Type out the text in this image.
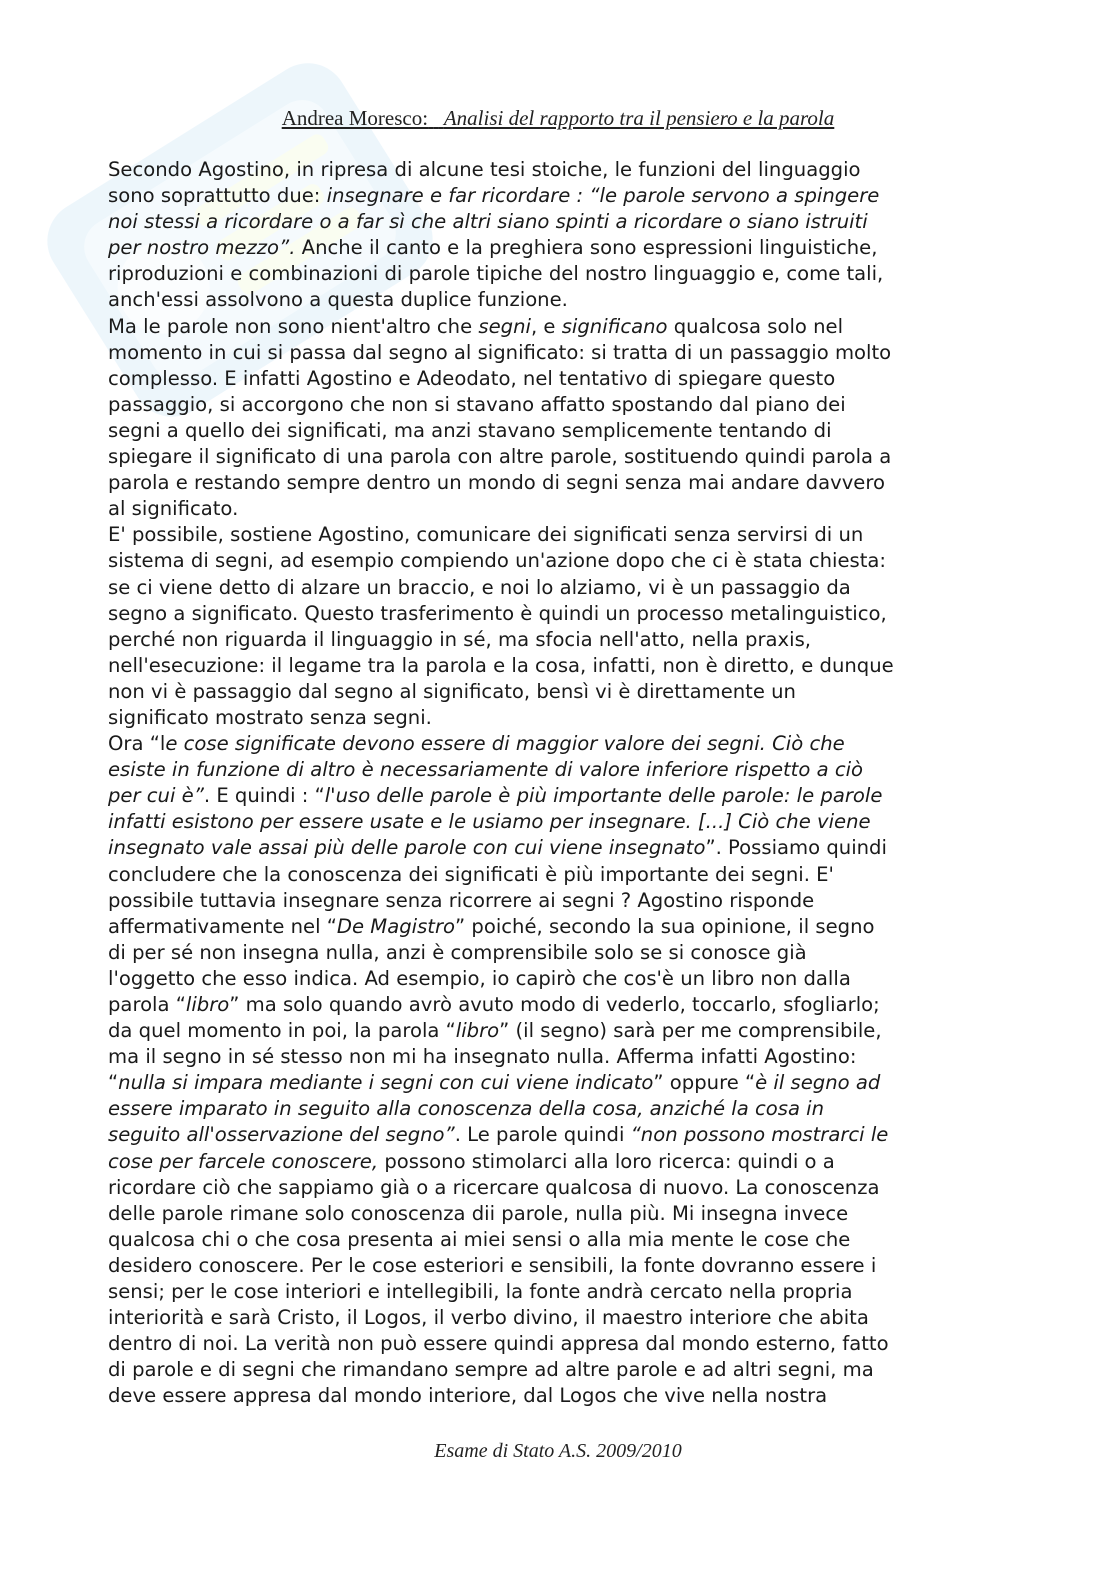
Andrea Moresco: Analisi del rapporto tra il pensiero e la parola
Secondo Agostino, in ripresa di alcune tesi stoiche, le funzioni del linguaggio
sono soprattutto due: insegnare e far ricordare : “le parole servono a spingere
noi stessi a ricordare o a far sì che altri siano spinti a ricordare o siano istruiti
per nostro mezzo”. Anche il canto e la preghiera sono espressioni linguistiche,
riproduzioni e combinazioni di parole tipiche del nostro linguaggio e, come tali,
anch'essi assolvono a questa duplice funzione.
Ma le parole non sono nient'altro che segni, e significano qualcosa solo nel
momento in cui si passa dal segno al significato: si tratta di un passaggio molto
complesso. E infatti Agostino e Adeodato, nel tentativo di spiegare questo
passaggio, si accorgono che non si stavano affatto spostando dal piano dei
segni a quello dei significati, ma anzi stavano semplicemente tentando di
spiegare il significato di una parola con altre parole, sostituendo quindi parola a
parola e restando sempre dentro un mondo di segni senza mai andare davvero
al significato.
E' possibile, sostiene Agostino, comunicare dei significati senza servirsi di un
sistema di segni, ad esempio compiendo un'azione dopo che ci è stata chiesta:
se ci viene detto di alzare un braccio, e noi lo alziamo, vi è un passaggio da
segno a significato. Questo trasferimento è quindi un processo metalinguistico,
perché non riguarda il linguaggio in sé, ma sfocia nell'atto, nella praxis,
nell'esecuzione: il legame tra la parola e la cosa, infatti, non è diretto, e dunque
non vi è passaggio dal segno al significato, bensì vi è direttamente un
significato mostrato senza segni.
Ora “le cose significate devono essere di maggior valore dei segni. Ciò che
esiste in funzione di altro è necessariamente di valore inferiore rispetto a ciò
per cui è”. E quindi : “l'uso delle parole è più importante delle parole: le parole
infatti esistono per essere usate e le usiamo per insegnare. [...] Ciò che viene
insegnato vale assai più delle parole con cui viene insegnato”. Possiamo quindi
concludere che la conoscenza dei significati è più importante dei segni. E'
possibile tuttavia insegnare senza ricorrere ai segni ? Agostino risponde
affermativamente nel “De Magistro” poiché, secondo la sua opinione, il segno
di per sé non insegna nulla, anzi è comprensibile solo se si conosce già
l'oggetto che esso indica. Ad esempio, io capirò che cos'è un libro non dalla
parola “libro” ma solo quando avrò avuto modo di vederlo, toccarlo, sfogliarlo;
da quel momento in poi, la parola “libro” (il segno) sarà per me comprensibile,
ma il segno in sé stesso non mi ha insegnato nulla. Afferma infatti Agostino:
“nulla si impara mediante i segni con cui viene indicato” oppure “è il segno ad
essere imparato in seguito alla conoscenza della cosa, anziché la cosa in
seguito all'osservazione del segno”. Le parole quindi “non possono mostrarci le
cose per farcele conoscere, possono stimolarci alla loro ricerca: quindi o a
ricordare ciò che sappiamo già o a ricercare qualcosa di nuovo. La conoscenza
delle parole rimane solo conoscenza dii parole, nulla più. Mi insegna invece
qualcosa chi o che cosa presenta ai miei sensi o alla mia mente le cose che
desidero conoscere. Per le cose esteriori e sensibili, la fonte dovranno essere i
sensi; per le cose interiori e intellegibili, la fonte andrà cercato nella propria
interiorità e sarà Cristo, il Logos, il verbo divino, il maestro interiore che abita
dentro di noi. La verità non può essere quindi appresa dal mondo esterno, fatto
di parole e di segni che rimandano sempre ad altre parole e ad altri segni, ma
deve essere appresa dal mondo interiore, dal Logos che vive nella nostra
Esame di Stato A.S. 2009/2010
